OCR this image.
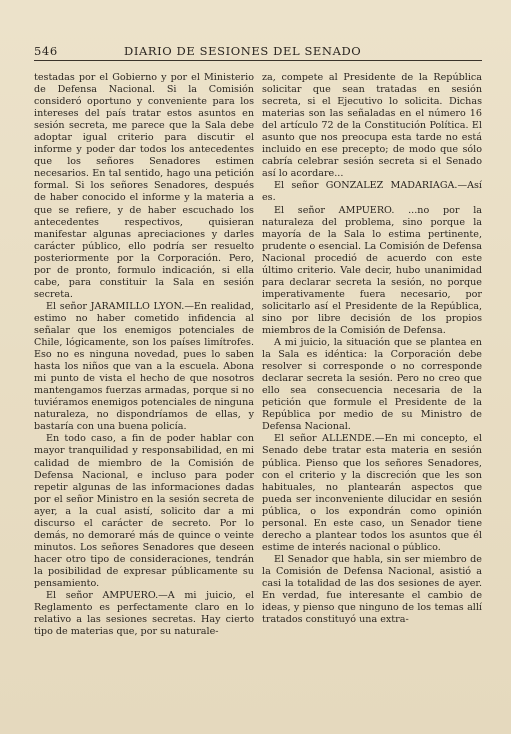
546	DIARIO DE SESIONES DEL SENADO

testadas por el Gobierno y por el Ministerio de Defensa Nacional. Si la Comisión consideró oportuno y conveniente para los intereses del país tratar estos asuntos en sesión secreta, me parece que la Sala debe adoptar igual criterio para discutir el informe y poder dar todos los antecedentes que los señores Senadores estimen necesarios. En tal sentido, hago una petición formal. Si los señores Senadores, después de haber conocido el informe y la materia a que se refiere, y de haber escuchado los antecedentes respectivos, quisieran manifestar algunas apreciaciones y darles carácter público, ello podría ser resuelto posteriormente por la Corporación. Pero, por de pronto, formulo indicación, si ella cabe, para constituir la Sala en sesión secreta.

El señor JARAMILLO LYON.—En realidad, estimo no haber cometido infidencia al señalar que los enemigos potenciales de Chile, lógicamente, son los países limítrofes. Eso no es ninguna novedad, pues lo saben hasta los niños que van a la escuela. Abona mi punto de vista el hecho de que nosotros mantengamos fuerzas armadas, porque si no tuviéramos enemigos potenciales de ninguna naturaleza, no dispondríamos de ellas, y bastaría con una buena policía.

En todo caso, a fin de poder hablar con mayor tranquilidad y responsabilidad, en mi calidad de miembro de la Comisión de Defensa Nacional, e incluso para poder repetir algunas de las informaciones dadas por el señor Ministro en la sesión secreta de ayer, a la cual asistí, solicito dar a mi discurso el carácter de secreto. Por lo demás, no demoraré más de quince o veinte minutos. Los señores Senadores que deseen hacer otro tipo de consideraciones, tendrán la posibilidad de expresar públicamente su pensamiento.

El señor AMPUERO.—A mi juicio, el Reglamento es perfectamente claro en lo relativo a las sesiones secretas. Hay cierto tipo de materias que, por su naturale-

za, compete al Presidente de la República solicitar que sean tratadas en sesión secreta, si el Ejecutivo lo solicita. Dichas materias son las señaladas en el número 16 del artículo 72 de la Constitución Política. El asunto que nos preocupa esta tarde no está incluido en ese precepto; de modo que sólo cabría celebrar sesión secreta si el Senado así lo acordare...

El señor GONZALEZ MADARIAGA.—Así es.

El señor AMPUERO. ...no por la naturaleza del problema, sino porque la mayoría de la Sala lo estima pertinente, prudente o esencial. La Comisión de Defensa Nacional procedió de acuerdo con este último criterio. Vale decir, hubo unanimidad para declarar secreta la sesión, no porque imperativamente fuera necesario, por solicitarlo así el Presidente de la República, sino por libre decisión de los propios miembros de la Comisión de Defensa.

A mi juicio, la situación que se plantea en la Sala es idéntica: la Corporación debe resolver si corresponde o no corresponde declarar secreta la sesión. Pero no creo que ello sea consecuencia necesaria de la petición que formule el Presidente de la República por medio de su Ministro de Defensa Nacional.

El señor ALLENDE.—En mi concepto, el Senado debe tratar esta materia en sesión pública. Pienso que los señores Senadores, con el criterio y la discreción que les son habituales, no plantearán aspectos que pueda ser inconveniente dilucidar en sesión pública, o los expondrán como opinión personal. En este caso, un Senador tiene derecho a plantear todos los asuntos que él estime de interés nacional o público.

El Senador que habla, sin ser miembro de la Comisión de Defensa Nacional, asistió a casi la totalidad de las dos sesiones de ayer. En verdad, fue interesante el cambio de ideas, y pienso que ninguno de los temas allí tratados constituyó una extra-
